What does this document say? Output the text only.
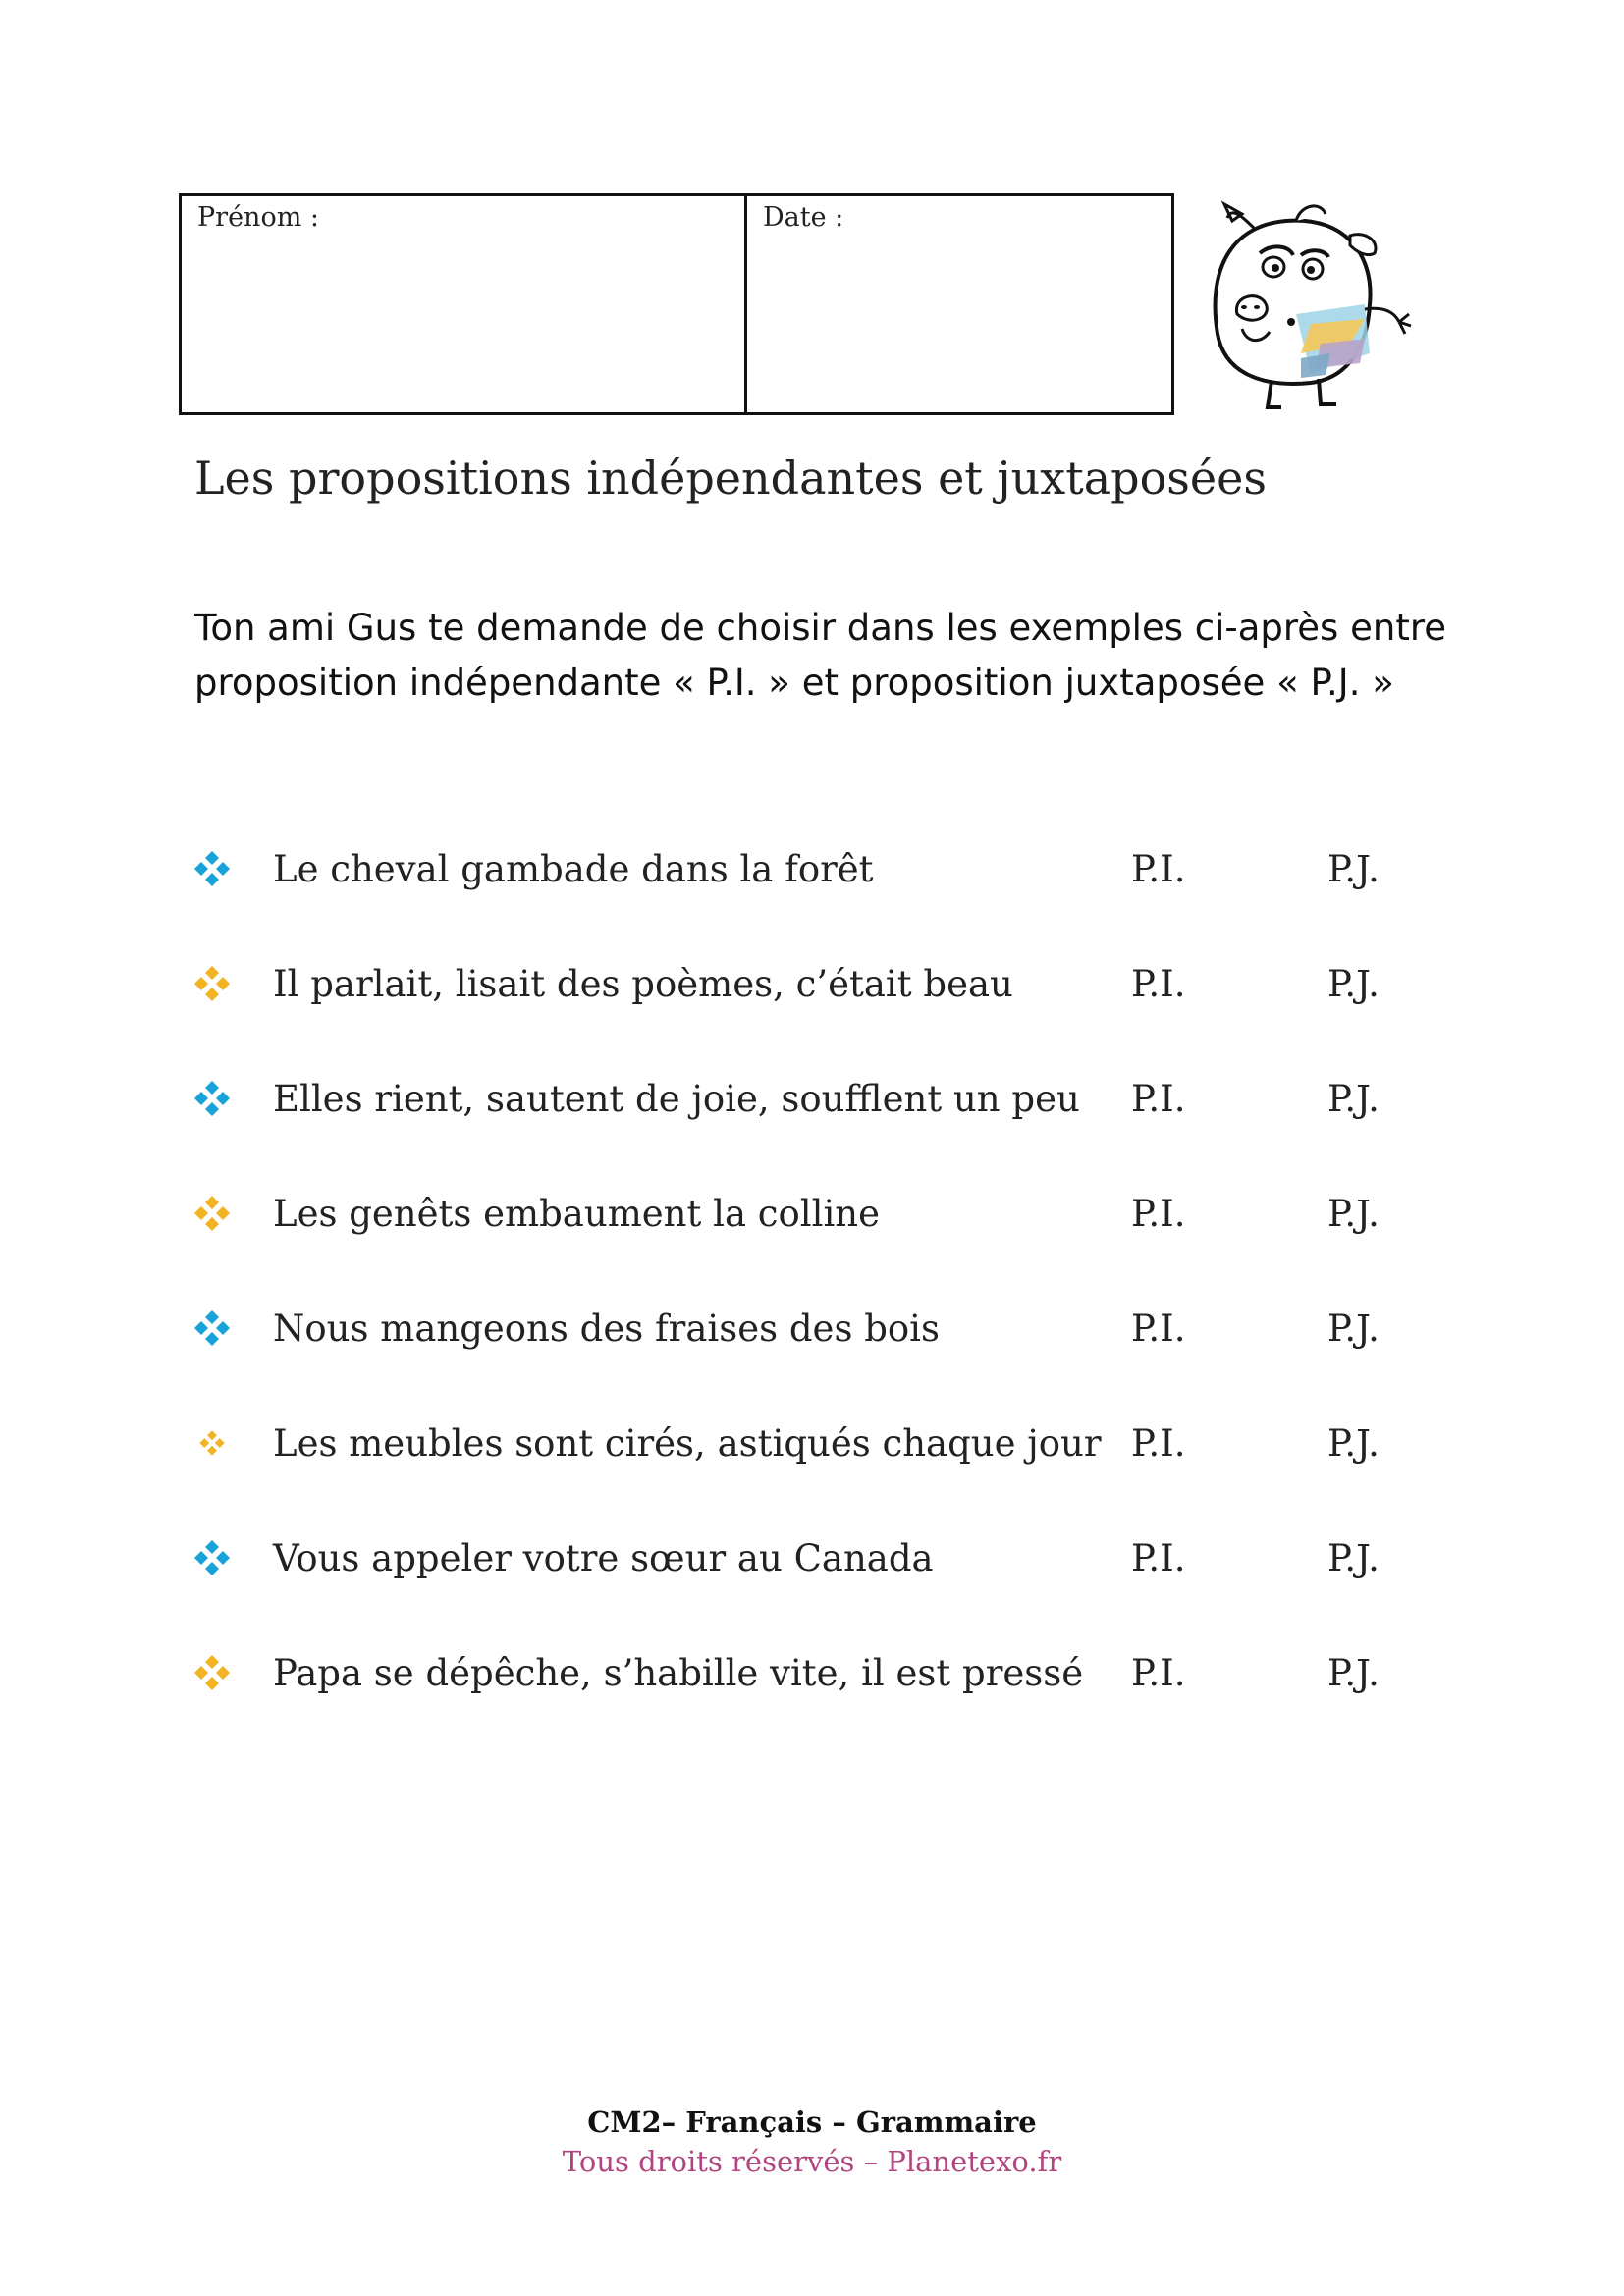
Prénom :	Date :
Les propositions indépendantes et juxtaposées
Ton ami Gus te demande de choisir dans les exemples ci-après entre
proposition indépendante « P.I. » et proposition juxtaposée « P.J. »
Le cheval gambade dans la forêt	P.I.	P.J.
Il parlait, lisait des poèmes, c’était beau	P.I.	P.J.
Elles rient, sautent de joie, soufflent un peu P.I.	P.J.
Les genêts embaument la colline	P.I.	P.J.
Nous mangeons des fraises des bois	P.I.	P.J.
Les meubles sont cirés, astiqués chaque jour P.I.	P.J.
Vous appeler votre sœur au Canada	P.I.	P.J.
Papa se dépêche, s’habille vite, il est pressé P.I.	P.J.
CM2– Français – Grammaire
Tous droits réservés – Planetexo.fr
